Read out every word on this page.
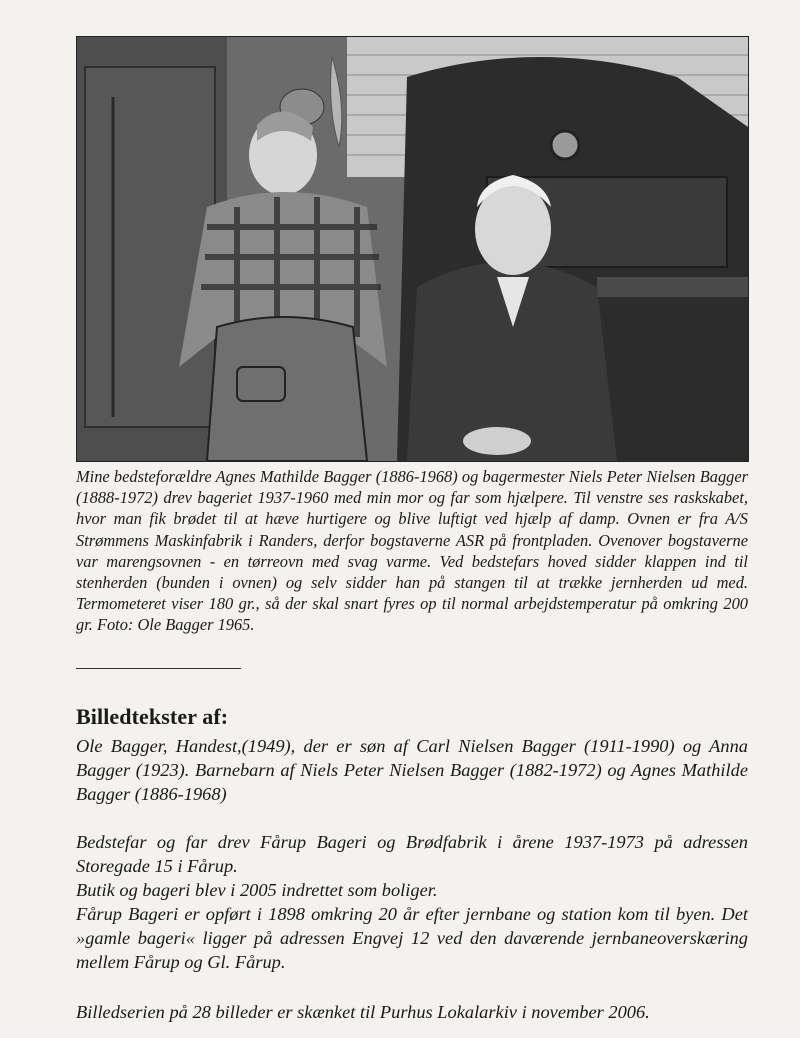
Mine bedsteforældre Agnes Mathilde Bagger (1886-1968) og bagermester Niels Peter Nielsen Bagger (1888-1972) drev bageriet 1937-1960 med min mor og far som hjælpere. Til venstre ses raskskabet, hvor man fik brødet til at hæve hurtigere og blive luftigt ved hjælp af damp. Ovnen er fra A/S Strømmens Maskinfabrik i Randers, derfor bogstaverne ASR på frontpladen. Ovenover bogstaverne var marengsovnen - en tørreovn med svag varme. Ved bedstefars hoved sidder klappen ind til stenherden (bunden i ovnen) og selv sidder han på stangen til at trække jernherden ud med. Termometeret viser 180 gr., så der skal snart fyres op til normal arbejdstemperatur på omkring 200 gr. Foto: Ole Bagger 1965.

Billedtekster af:

Ole Bagger, Handest,(1949), der er søn af Carl Nielsen Bagger (1911-1990) og Anna Bagger (1923). Barnebarn af Niels Peter Nielsen Bagger (1882-1972) og Agnes Mathilde Bagger (1886-1968)

Bedstefar og far drev Fårup Bageri og Brødfabrik i årene 1937-1973 på adressen Storegade 15 i Fårup.

Butik og bageri blev i 2005 indrettet som boliger.

Fårup Bageri er opført i 1898 omkring 20 år efter jernbane og station kom til byen. Det »gamle bageri« ligger på adressen Engvej 12 ved den daværende jernbaneoverskæring mellem Fårup og Gl. Fårup.

Billedserien på 28 billeder er skænket til Purhus Lokalarkiv i november 2006.
